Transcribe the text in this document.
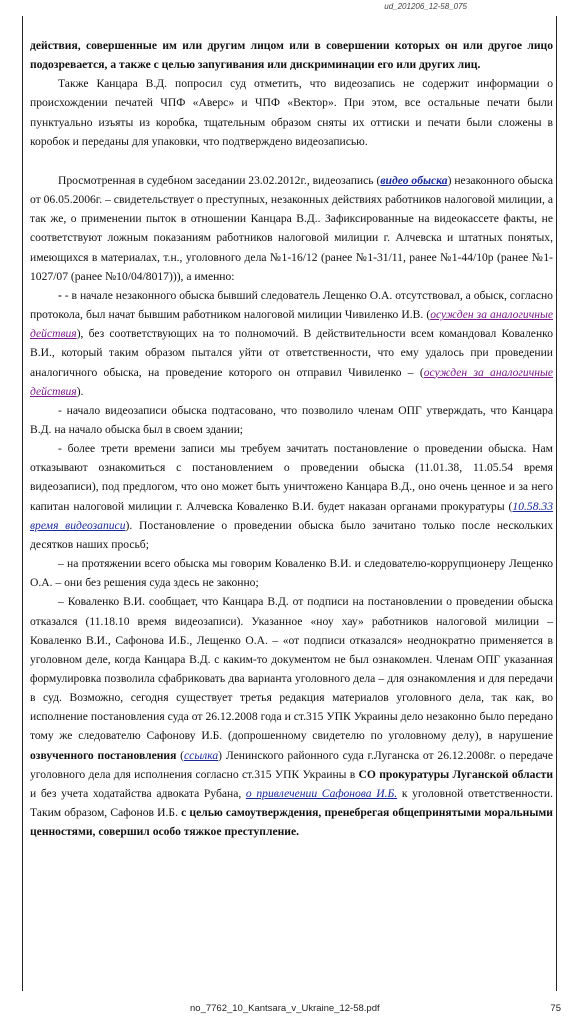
ud_201206_12-58_075

действия, совершенные им или другим лицом или в совершении которых он или другое лицо подозревается, а также с целью запугивания или дискриминации его или других лиц.

Также Канцара В.Д. попросил суд отметить, что видеозапись не содержит информации о происхождении печатей ЧПФ «Аверс» и ЧПФ «Вектор». При этом, все остальные печати были пунктуально изъяты из коробка, тщательным образом сняты их оттиски и печати были сложены в коробок и переданы для упаковки, что подтверждено видеозаписью.

Просмотренная в судебном заседании 23.02.2012г., видеозапись (видео обыска) незаконного обыска от 06.05.2006г. – свидетельствует о преступных, незаконных действиях работников налоговой милиции, а так же, о применении пыток в отношении Канцара В.Д.. Зафиксированные на видеокассете факты, не соответствуют ложным показаниям работников налоговой милиции г. Алчевска и штатных понятых, имеющихся в материалах, т.н., уголовного дела №1-16/12 (ранее №1-31/11, ранее №1-44/10р (ранее №1-1027/07 (ранее №10/04/8017))), а именно:

- - в начале незаконного обыска бывший следователь Лещенко О.А. отсутствовал, а обыск, согласно протокола, был начат бывшим работником налоговой милиции Чивиленко И.В. (осужден за аналогичные действия), без соответствующих на то полномочий. В действительности всем командовал Коваленко В.И., который таким образом пытался уйти от ответственности, что ему удалось при проведении аналогичного обыска, на проведение которого он отправил Чивиленко – (осужден за аналогичные действия).

- начало видеозаписи обыска подтасовано, что позволило членам ОПГ утверждать, что Канцара В.Д. на начало обыска был в своем здании;

- более трети времени записи мы требуем зачитать постановление о проведении обыска. Нам отказывают ознакомиться с постановлением о проведении обыска (11.01.38, 11.05.54 время видеозаписи), под предлогом, что оно может быть уничтожено Канцара В.Д., оно очень ценное и за него капитан налоговой милиции г. Алчевска Коваленко В.И. будет наказан органами прокуратуры (10.58.33 время видеозаписи). Постановление о проведении обыска было зачитано только после нескольких десятков наших просьб;

– на протяжении всего обыска мы говорим Коваленко В.И. и следователю-коррупционеру Лещенко О.А. – они без решения суда здесь не законно;

– Коваленко В.И. сообщает, что Канцара В.Д. от подписи на постановлении о проведении обыска отказался (11.18.10 время видеозаписи). Указанное «ноу хау» работников налоговой милиции – Коваленко В.И., Сафонова И.Б., Лещенко О.А. – «от подписи отказался» неоднократно применяется в уголовном деле, когда Канцара В.Д. с каким-то документом не был ознакомлен. Членам ОПГ указанная формулировка позволила сфабриковать два варианта уголовного дела – для ознакомления и для передачи в суд. Возможно, сегодня существует третья редакция материалов уголовного дела, так как, во исполнение постановления суда от 26.12.2008 года и ст.315 УПК Украины дело незаконно было передано тому же следователю Сафонову И.Б. (допрошенному свидетелю по уголовному делу), в нарушение озвученного постановления (ссылка) Ленинского районного суда г.Луганска от 26.12.2008г. о передаче уголовного дела для исполнения согласно ст.315 УПК Украины в СО прокуратуры Луганской области и без учета ходатайства адвоката Рубана, о привлечении Сафонова И.Б. к уголовной ответственности. Таким образом, Сафонов И.Б. с целью самоутверждения, пренебрегая общепринятыми моральными ценностями, совершил особо тяжкое преступление.

no_7762_10_Kantsara_v_Ukraine_12-58.pdf	75
